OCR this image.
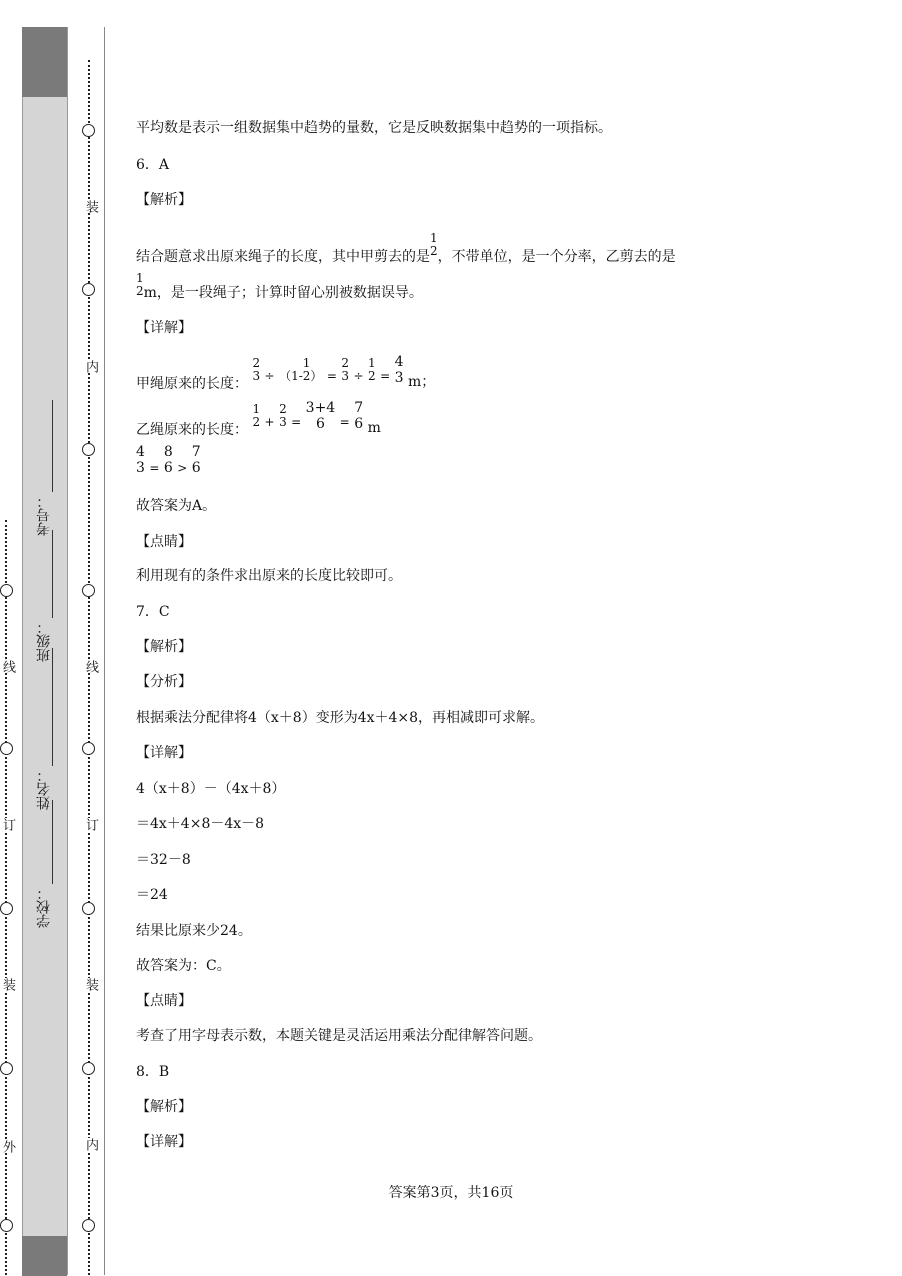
外
装
订
线
内
装
订
线
内
装
学校：
姓名：
班级：
考号：
平均数是表示一组数据集中趋势的量数，它是反映数据集中趋势的一项指标。
6．A
【解析】
结合题意求出原来绳子的长度，其中甲剪去的是
1
2 ，不带单位，是一个分率，乙剪去的是
1
2 m，是一段绳子；计算时留心别被数据误导。
【详解】
甲绳原来的长度：
2
3 ÷ （1-
1
2 ） =
2
3 ÷
1
2 =
4
3 m；
乙绳原来的长度：
1
2 +
2
3 =
3+4
6	=
7
6 m
4
3 =
8
6 >
7
6
故答案为A。
【点睛】
利用现有的条件求出原来的长度比较即可。
7．C
【解析】
【分析】
根据乘法分配律将4（x＋8）变形为4x＋4×8，再相减即可求解。
【详解】
4（x＋8）－（4x＋8）
＝4x＋4×8－4x－8
＝32－8
＝24
结果比原来少24。
故答案为：C。
【点睛】
考查了用字母表示数，本题关键是灵活运用乘法分配律解答问题。
8．B
【解析】
【详解】
答案第3页，共16页
